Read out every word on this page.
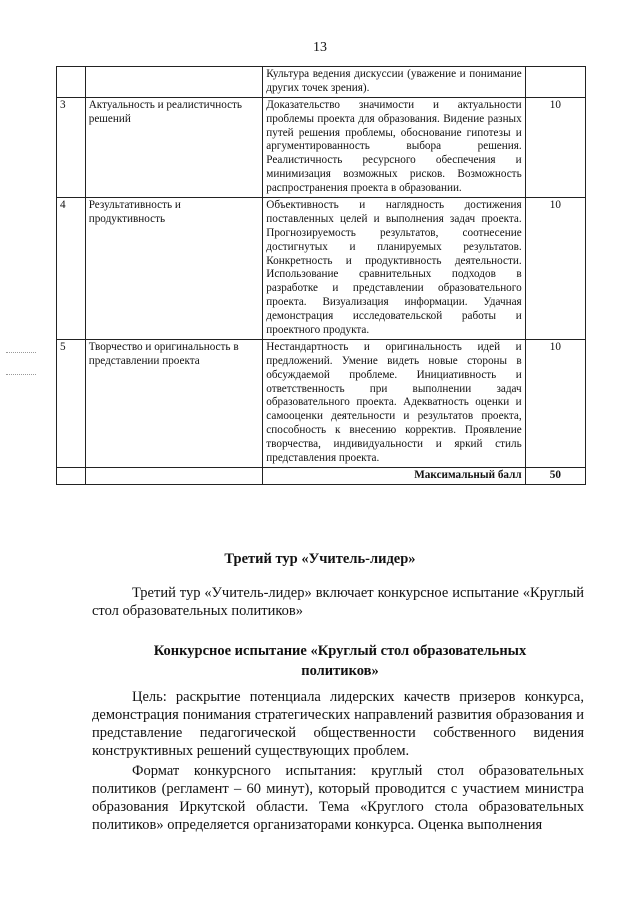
13
		Культура ведения дискуссии (уважение и понимание других точек зрения).	
3	Актуальность и реалистичность решений	Доказательство значимости и актуальности проблемы проекта для образования. Видение разных путей решения проблемы, обоснование гипотезы и аргументированность выбора решения. Реалистичность ресурсного обеспечения и минимизация возможных рисков. Возможность распространения проекта в образовании.	10
4	Результативность и продуктивность	Объективность и наглядность достижения поставленных целей и выполнения задач проекта. Прогнозируемость результатов, соотнесение достигнутых и планируемых результатов. Конкретность и продуктивность деятельности. Использование сравнительных подходов в разработке и представлении образовательного проекта. Визуализация информации. Удачная демонстрация исследовательской работы и проектного продукта.	10
5	Творчество и оригинальность в представлении проекта	Нестандартность и оригинальность идей и предложений. Умение видеть новые стороны в обсуждаемой проблеме. Инициативность и ответственность при выполнении задач образовательного проекта. Адекватность оценки и самооценки деятельности и результатов проекта, способность к внесению корректив. Проявление творчества, индивидуальности и яркий стиль представления проекта.	10
		Максимальный балл	50
Третий тур «Учитель-лидер»
Третий тур «Учитель-лидер» включает конкурсное испытание «Круглый стол образовательных политиков»
Конкурсное испытание «Круглый стол образовательных политиков»
Цель: раскрытие потенциала лидерских качеств призеров конкурса, демонстрация понимания стратегических направлений развития образования и представление педагогической общественности собственного видения конструктивных решений существующих проблем.
Формат конкурсного испытания: круглый стол образовательных политиков (регламент – 60 минут), который проводится с участием министра образования Иркутской области. Тема «Круглого стола образовательных политиков» определяется организаторами конкурса. Оценка выполнения
